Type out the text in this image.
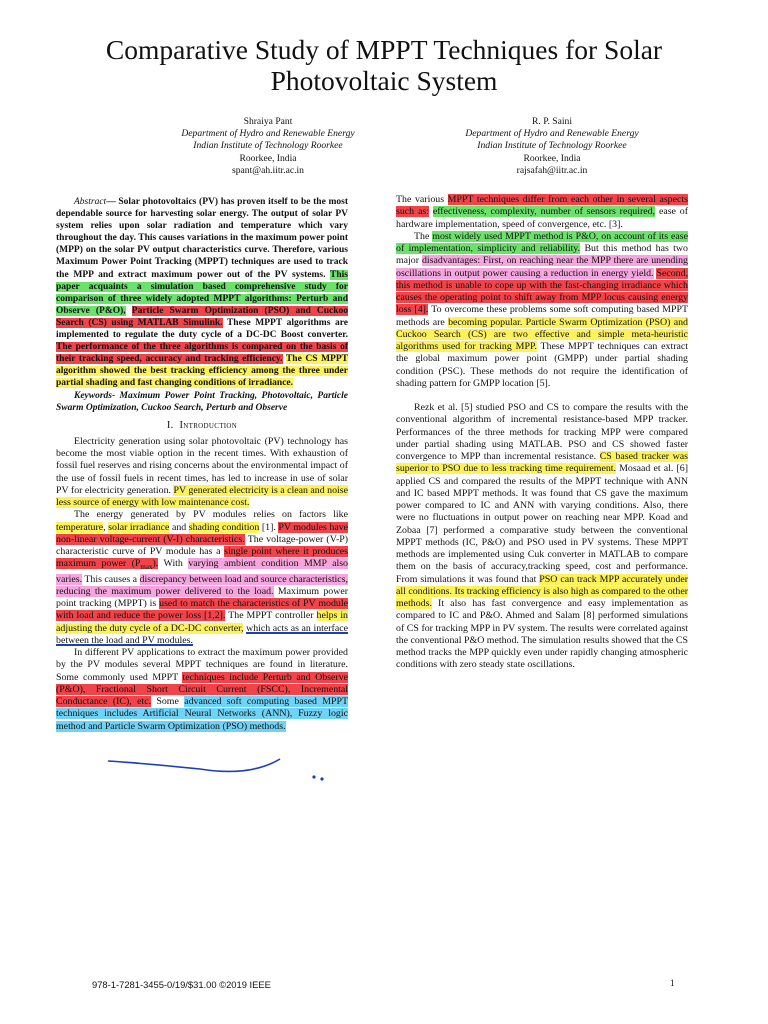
Comparative Study of MPPT Techniques for Solar Photovoltaic System
Shraiya Pant
Department of Hydro and Renewable Energy
Indian Institute of Technology Roorkee
Roorkee, India
spant@ah.iitr.ac.in
R. P. Saini
Department of Hydro and Renewable Energy
Indian Institute of Technology Roorkee
Roorkee, India
rajsafah@iitr.ac.in

Abstract— Solar photovoltaics (PV) has proven itself to be the most dependable source for harvesting solar energy. The output of solar PV system relies upon solar radiation and temperature which vary throughout the day. This causes variations in the maximum power point (MPP) on the solar PV output characteristics curve. Therefore, various Maximum Power Point Tracking (MPPT) techniques are used to track the MPP and extract maximum power out of the PV systems. This paper acquaints a simulation based comprehensive study for comparison of three widely adopted MPPT algorithms: Perturb and Observe (P&O), Particle Swarm Optimization (PSO) and Cuckoo Search (CS) using MATLAB Simulink. These MPPT algorithms are implemented to regulate the duty cycle of a DC-DC Boost converter. The performance of the three algorithms is compared on the basis of their tracking speed, accuracy and tracking efficiency. The CS MPPT algorithm showed the best tracking efficiency among the three under partial shading and fast changing conditions of irradiance.

Keywords- Maximum Power Point Tracking, Photovoltaic, Particle Swarm Optimization, Cuckoo Search, Perturb and Observe

I. Introduction

Electricity generation using solar photovoltaic (PV) technology has become the most viable option in the recent times. With exhaustion of fossil fuel reserves and rising concerns about the environmental impact of the use of fossil fuels in recent times, has led to increase in use of solar PV for electricity generation. PV generated electricity is a clean and noise less source of energy with low maintenance cost.

The energy generated by PV modules relies on factors like temperature, solar irradiance and shading condition [1]. PV modules have non-linear voltage-current (V-I) characteristics. The voltage-power (V-P) characteristic curve of PV module has a single point where it produces maximum power $(P_{max})$. With varying ambient condition MMP also varies. This causes a discrepancy between load and source characteristics, reducing the maximum power delivered to the load. Maximum power point tracking (MPPT) is used to match the characteristics of PV module with load and reduce the power loss [1,2]. The MPPT controller helps in adjusting the duty cycle of a DC-DC converter, which acts as an interface between the load and PV modules.

In different PV applications to extract the maximum power provided by the PV modules several MPPT techniques are found in literature. Some commonly used MPPT techniques include Perturb and Observe (P&O), Fractional Short Circuit Current (FSCC), Incremental Conductance (IC), etc. Some advanced soft computing based MPPT techniques includes Artificial Neural Networks (ANN), Fuzzy logic method and Particle Swarm Optimization (PSO) methods.

The various MPPT techniques differ from each other in several aspects such as: effectiveness, complexity, number of sensors required, ease of hardware implementation, speed of convergence, etc. [3].

The most widely used MPPT method is P&O, on account of its ease of implementation, simplicity and reliability. But this method has two major disadvantages: First, on reaching near the MPP there are unending oscillations in output power causing a reduction in energy yield. Second, this method is unable to cope up with the fast-changing irradiance which causes the operating point to shift away from MPP locus causing energy loss [4]. To overcome these problems some soft computing based MPPT methods are becoming popular. Particle Swarm Optimization (PSO) and Cuckoo Search (CS) are two effective and simple meta-heuristic algorithms used for tracking MPP. These MPPT techniques can extract the global maximum power point (GMPP) under partial shading condition (PSC). These methods do not require the identification of shading pattern for GMPP location [5].

Rezk et al. [5] studied PSO and CS to compare the results with the conventional algorithm of incremental resistance-based MPP tracker. Performances of the three methods for tracking MPP were compared under partial shading using MATLAB. PSO and CS showed faster convergence to MPP than incremental resistance. CS based tracker was superior to PSO due to less tracking time requirement. Mosaad et al. [6] applied CS and compared the results of the MPPT technique with ANN and IC based MPPT methods. It was found that CS gave the maximum power compared to IC and ANN with varying conditions. Also, there were no fluctuations in output power on reaching near MPP. Koad and Zobaa [7] performed a comparative study between the conventional MPPT methods (IC, P&O) and PSO used in PV systems. These MPPT methods are implemented using Cuk converter in MATLAB to compare them on the basis of accuracy,tracking speed, cost and performance. From simulations it was found that PSO can track MPP accurately under all conditions. Its tracking efficiency is also high as compared to the other methods. It also has fast convergence and easy implementation as compared to IC and P&O. Ahmed and Salam [8] performed simulations of CS for tracking MPP in PV system. The results were correlated against the conventional P&O method. The simulation results showed that the CS method tracks the MPP quickly even under rapidly changing atmospheric conditions with zero steady state oscillations.

978-1-7281-3455-0/19/$31.00 ©2019 IEEE	1
